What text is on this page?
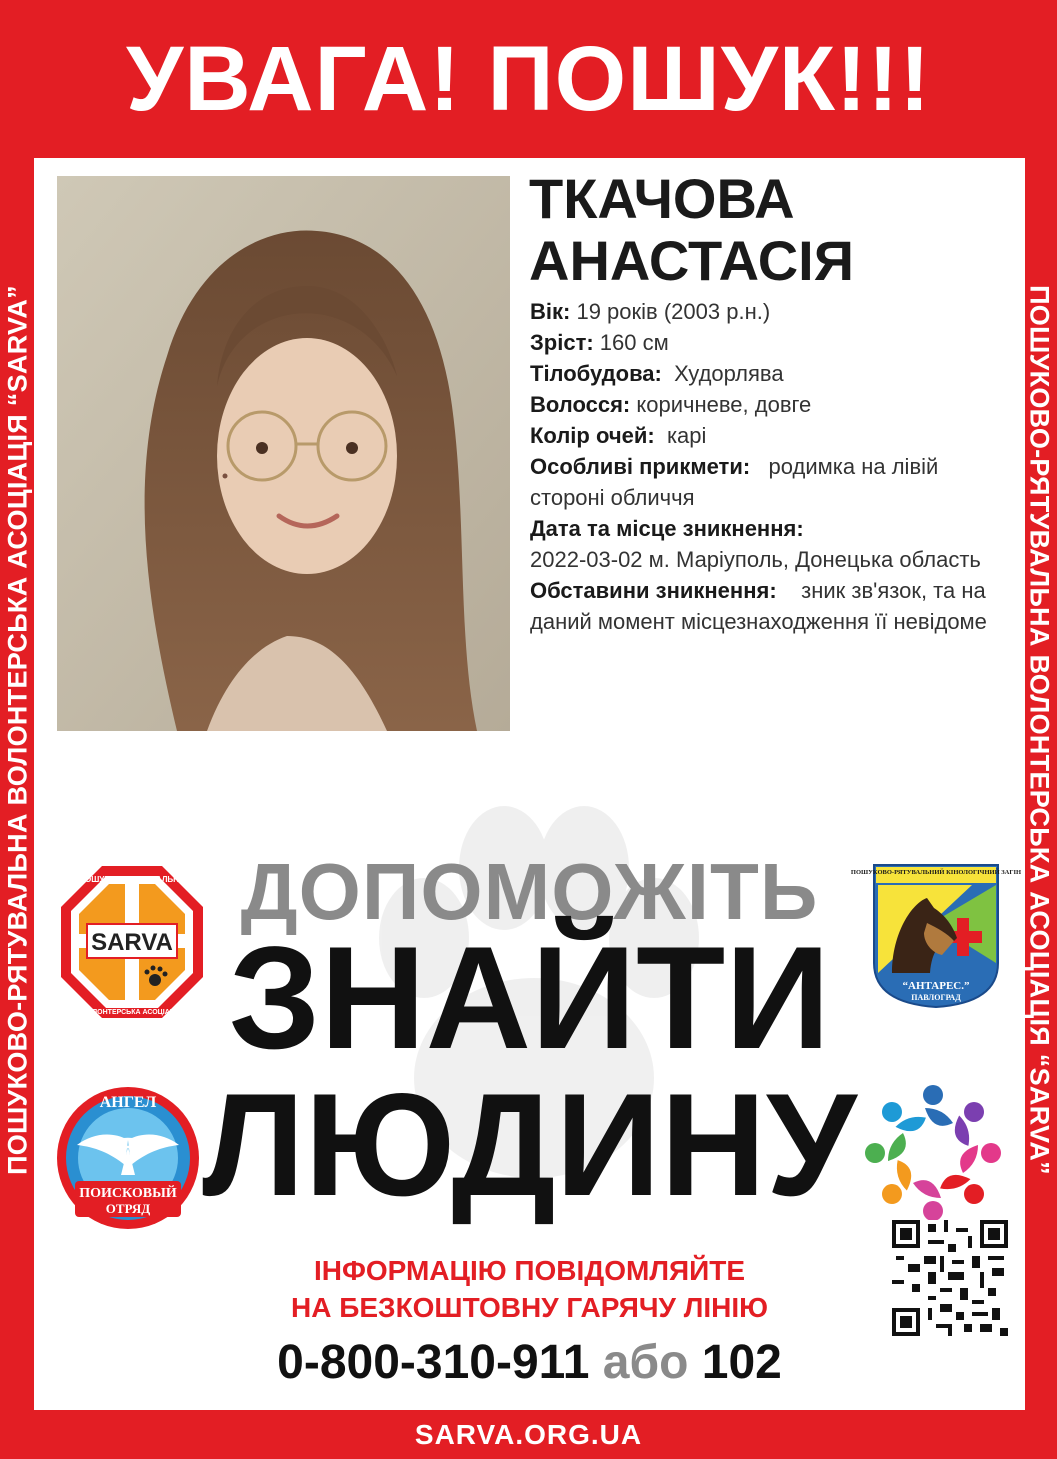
УВАГА! ПОШУК!!!
ПОШУКОВО-РЯТУВАЛЬНА ВОЛОНТЕРСЬКА АСОЦІАЦІЯ “SARVA”	ПОШУКОВО-РЯТУВАЛЬНА ВОЛОНТЕРСЬКА АСОЦІАЦІЯ “SARVA”
ТКАЧОВА
АНАСТАСІЯ
Вік: 19 років (2003 р.н.)
Зріст: 160 см
Тілобудова: Худорлява
Волосся: коричневе, довге
Колір очей: карі
Особливі прикмети: родимка на лівій стороні обличчя
Дата та місце зникнення:
2022-03-02 м. Маріуполь, Донецька область
Обставини зникнення: зник зв'язок, та на даний момент місцезнаходження її невідоме
ДОПОМОЖІТЬ
ЗНАЙТИ
ЛЮДИНУ
SARVA
ПОШУКОВО-РЯТУВАЛЬНА
ВОЛОНТЕРСЬКА АСОЦІАЦІЯ
ПОШУКОВО-РЯТУВАЛЬНИЙ КІНОЛОГІЧНИЙ ЗАГІН
“АНТАРЕС.”
ПАВЛОГРАД
АНГЕЛ
ПОИСКОВЫЙ
ОТРЯД
ІНФОРМАЦІЮ ПОВІДОМЛЯЙТЕ
НА БЕЗКОШТОВНУ ГАРЯЧУ ЛІНІЮ
0-800-310-911 або 102
SARVA.ORG.UA
